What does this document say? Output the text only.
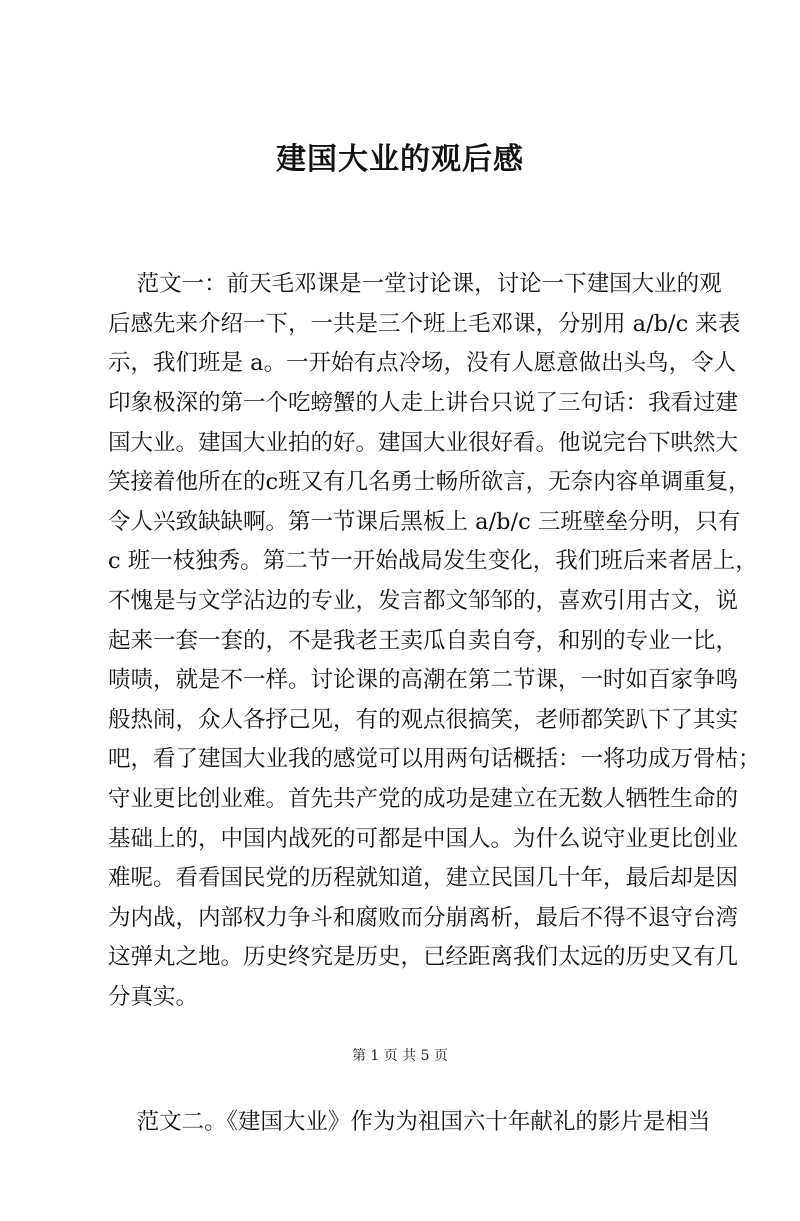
建国大业的观后感

范文一：前天毛邓课是一堂讨论课，讨论一下建国大业的观
后感先来介绍一下，一共是三个班上毛邓课，分别用 a/b/c 来表
示，我们班是 a。一开始有点冷场，没有人愿意做出头鸟，令人
印象极深的第一个吃螃蟹的人走上讲台只说了三句话：我看过建
国大业。建国大业拍的好。建国大业很好看。他说完台下哄然大
笑接着他所在的c班又有几名勇士畅所欲言，无奈内容单调重复，
令人兴致缺缺啊。第一节课后黑板上 a/b/c 三班壁垒分明，只有
c 班一枝独秀。第二节一开始战局发生变化，我们班后来者居上，
不愧是与文学沾边的专业，发言都文邹邹的，喜欢引用古文，说
起来一套一套的，不是我老王卖瓜自卖自夸，和别的专业一比，
啧啧，就是不一样。讨论课的高潮在第二节课，一时如百家争鸣
般热闹，众人各抒己见，有的观点很搞笑，老师都笑趴下了其实
吧，看了建国大业我的感觉可以用两句话概括：一将功成万骨枯；
守业更比创业难。首先共产党的成功是建立在无数人牺牲生命的
基础上的，中国内战死的可都是中国人。为什么说守业更比创业
难呢。看看国民党的历程就知道，建立民国几十年，最后却是因
为内战，内部权力争斗和腐败而分崩离析，最后不得不退守台湾
这弹丸之地。历史终究是历史，已经距离我们太远的历史又有几
分真实。

范文二。《建国大业》作为为祖国六十年献礼的影片是相当

第 1 页 共 5 页
